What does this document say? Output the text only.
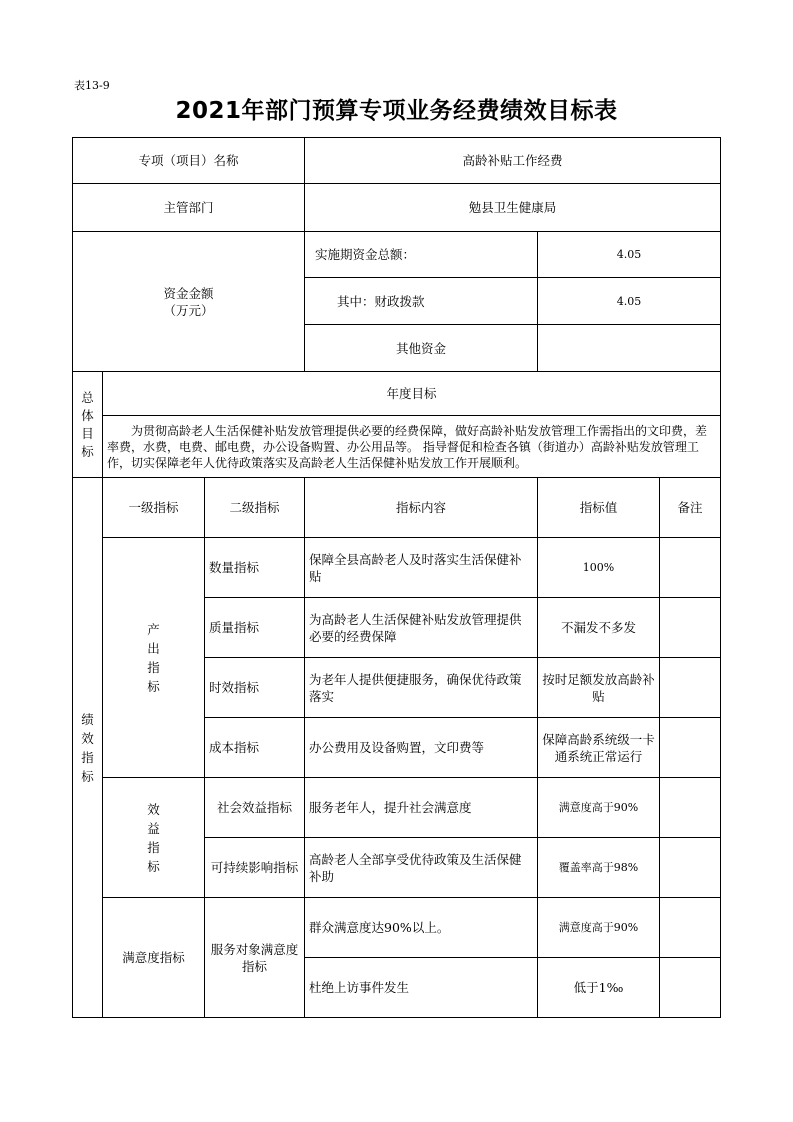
表13-9
2021年部门预算专项业务经费绩效目标表
专项（项目）名称			高龄补贴工作经费		
主管部门			勉县卫生健康局		
资金金额
（万元）			实施期资金总额：	4.05	
			其中：财政拨款	4.05	
			其他资金		
总体目标	年度目标				
	为贯彻高龄老人生活保健补贴发放管理提供必要的经费保障，做好高龄补贴发放管理工作需指出的文印费，差率费，水费，电费、邮电费，办公设备购置、办公用品等。 指导督促和检查各镇（街道办）高龄补贴发放管理工作，切实保障老年人优待政策落实及高龄老人生活保健补贴发放工作开展顺利。				
绩效指标	一级指标	二级指标	指标内容	指标值	备注
	产出指标	数量指标	保障全县高龄老人及时落实生活保健补贴	100%	
		质量指标	为高龄老人生活保健补贴发放管理提供必要的经费保障	不漏发不多发	
		时效指标	为老年人提供便捷服务，确保优待政策落实	按时足额发放高龄补贴	
		成本指标	办公费用及设备购置，文印费等	保障高龄系统级一卡通系统正常运行	
	效益指标	社会效益指标	服务老年人，提升社会满意度	满意度高于90%	
		可持续影响指标	高龄老人全部享受优待政策及生活保健补助	覆盖率高于98%	
	满意度指标	服务对象满意度指标	群众满意度达90%以上。	满意度高于90%	
			杜绝上访事件发生	低于1‰	
